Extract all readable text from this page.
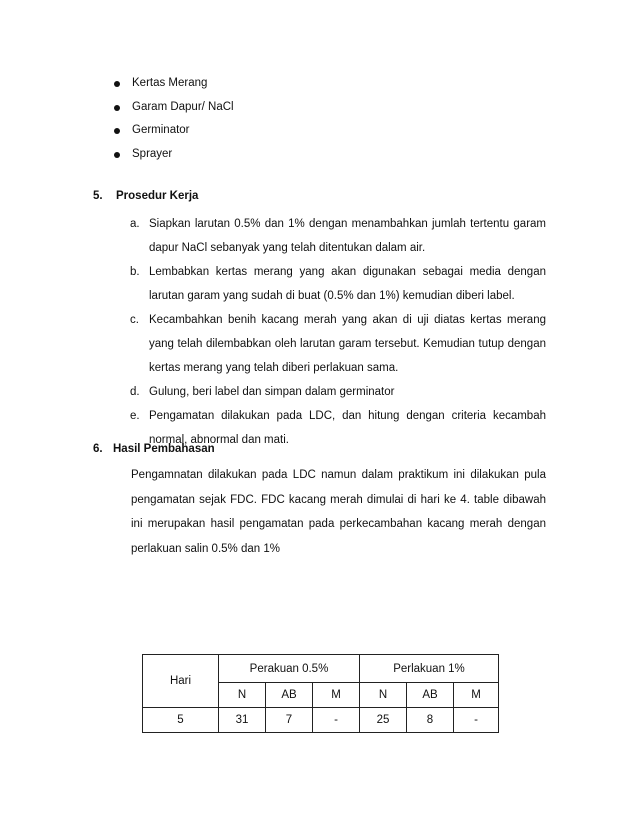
Kertas Merang
Garam Dapur/ NaCl
Germinator
Sprayer
5. Prosedur Kerja
a. Siapkan larutan 0.5% dan 1% dengan menambahkan jumlah tertentu garam dapur NaCl sebanyak yang telah ditentukan dalam air.
b. Lembabkan kertas merang yang akan digunakan sebagai media dengan larutan garam yang sudah di buat (0.5% dan 1%) kemudian diberi label.
c. Kecambahkan benih kacang merah yang akan di uji diatas kertas merang yang telah dilembabkan oleh larutan garam tersebut. Kemudian tutup dengan kertas merang yang telah diberi perlakuan sama.
d. Gulung, beri label dan simpan dalam germinator
e. Pengamatan dilakukan pada LDC, dan hitung dengan criteria kecambah normal, abnormal dan mati.
6. Hasil Pembahasan

Pengamnatan dilakukan pada LDC namun dalam praktikum ini dilakukan pula pengamatan sejak FDC. FDC kacang merah dimulai di hari ke 4. table dibawah ini merupakan hasil pengamatan pada perkecambahan kacang merah dengan perlakuan salin 0.5% dan 1%

Hari	Perakuan 0.5%			Perlakuan 1%		
	N	AB	M	N	AB	M
5	31	7	-	25	8	-
